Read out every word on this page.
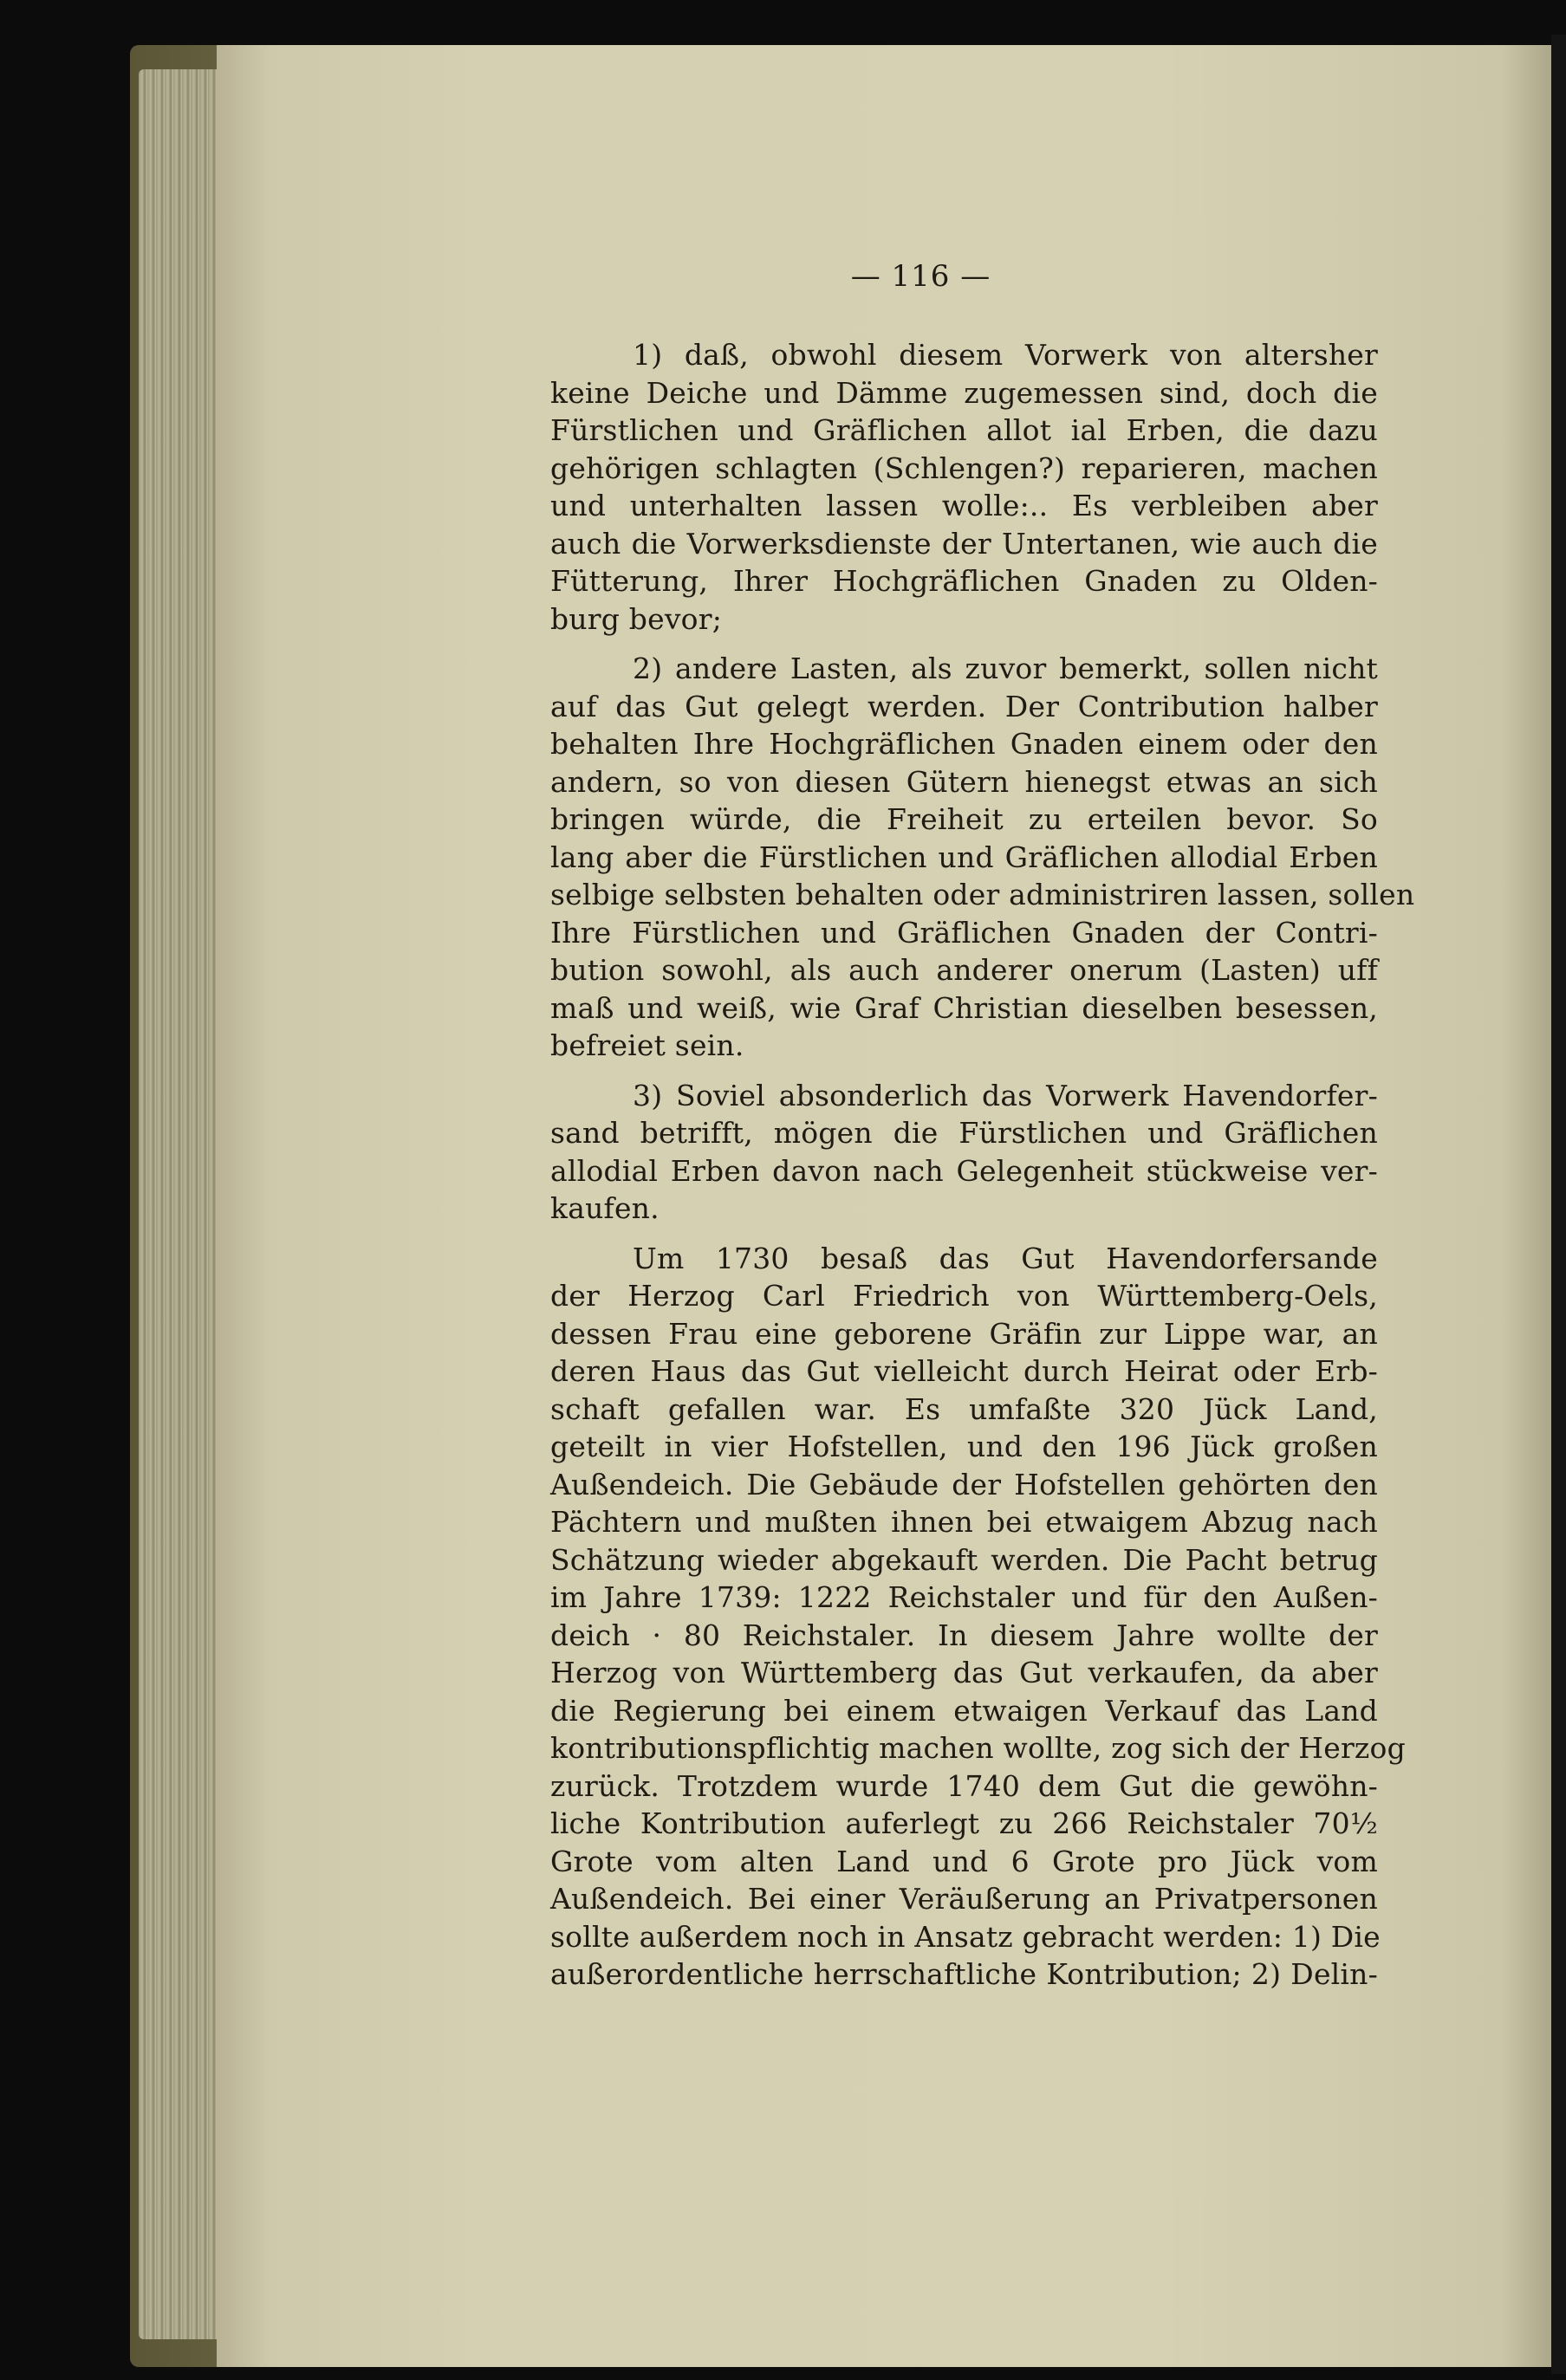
— 116 —
1) daß, obwohl diesem Vorwerk von altersher
keine Deiche und Dämme zugemessen sind, doch die
Fürstlichen und Gräflichen allot ial Erben, die dazu
gehörigen schlagten (Schlengen?) reparieren, machen
und unterhalten lassen wolle:.. Es verbleiben aber
auch die Vorwerksdienste der Untertanen, wie auch die
Fütterung, Ihrer Hochgräflichen Gnaden zu Olden-
burg bevor;
2) andere Lasten, als zuvor bemerkt, sollen nicht
auf das Gut gelegt werden. Der Contribution halber
behalten Ihre Hochgräflichen Gnaden einem oder den
andern, so von diesen Gütern hienegst etwas an sich
bringen würde, die Freiheit zu erteilen bevor. So
lang aber die Fürstlichen und Gräflichen allodial Erben
selbige selbsten behalten oder administriren lassen, sollen
Ihre Fürstlichen und Gräflichen Gnaden der Contri-
bution sowohl, als auch anderer onerum (Lasten) uff
maß und weiß, wie Graf Christian dieselben besessen,
befreiet sein.
3) Soviel absonderlich das Vorwerk Havendorfer-
sand betrifft, mögen die Fürstlichen und Gräflichen
allodial Erben davon nach Gelegenheit stückweise ver-
kaufen.
Um 1730 besaß das Gut Havendorfersande
der Herzog Carl Friedrich von Württemberg-Oels,
dessen Frau eine geborene Gräfin zur Lippe war, an
deren Haus das Gut vielleicht durch Heirat oder Erb-
schaft gefallen war. Es umfaßte 320 Jück Land,
geteilt in vier Hofstellen, und den 196 Jück großen
Außendeich. Die Gebäude der Hofstellen gehörten den
Pächtern und mußten ihnen bei etwaigem Abzug nach
Schätzung wieder abgekauft werden. Die Pacht betrug
im Jahre 1739: 1222 Reichstaler und für den Außen-
deich · 80 Reichstaler. In diesem Jahre wollte der
Herzog von Württemberg das Gut verkaufen, da aber
die Regierung bei einem etwaigen Verkauf das Land
kontributionspflichtig machen wollte, zog sich der Herzog
zurück. Trotzdem wurde 1740 dem Gut die gewöhn-
liche Kontribution auferlegt zu 266 Reichstaler 70½
Grote vom alten Land und 6 Grote pro Jück vom
Außendeich. Bei einer Veräußerung an Privatpersonen
sollte außerdem noch in Ansatz gebracht werden: 1) Die
außerordentliche herrschaftliche Kontribution; 2) Delin-
